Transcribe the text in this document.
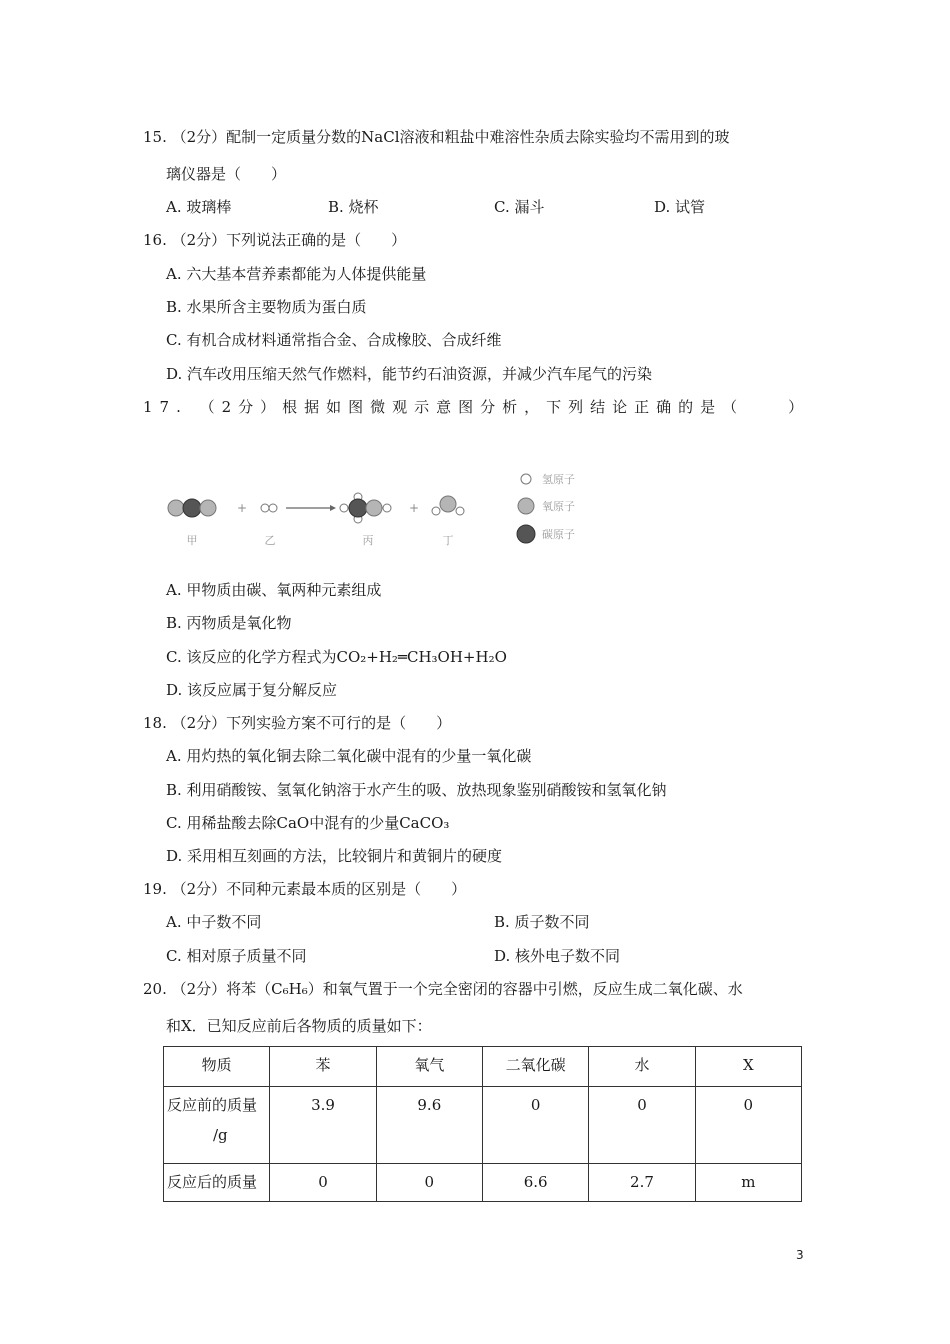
15. （2分）配制一定质量分数的NaCl溶液和粗盐中难溶性杂质去除实验均不需用到的玻
璃仪器是（　　）
A. 玻璃棒	B. 烧杯	C. 漏斗	D. 试管
16. （2分）下列说法正确的是（　　）
A. 六大基本营养素都能为人体提供能量
B. 水果所含主要物质为蛋白质
C. 有机合成材料通常指合金、合成橡胶、合成纤维
D. 汽车改用压缩天然气作燃料，能节约石油资源，并减少汽车尾气的污染
17. （2分）根据如图微观示意图分析，下列结论正确的是（　　）
+	+
甲	乙	丙	丁
氢原子
氧原子
碳原子
A. 甲物质由碳、氧两种元素组成
B. 丙物质是氧化物
C. 该反应的化学方程式为CO₂+H₂═CH₃OH+H₂O
D. 该反应属于复分解反应
18. （2分）下列实验方案不可行的是（　　）
A. 用灼热的氧化铜去除二氧化碳中混有的少量一氧化碳
B. 利用硝酸铵、氢氧化钠溶于水产生的吸、放热现象鉴别硝酸铵和氢氧化钠
C. 用稀盐酸去除CaO中混有的少量CaCO₃
D. 采用相互刻画的方法，比较铜片和黄铜片的硬度
19. （2分）不同种元素最本质的区别是（　　）
A. 中子数不同	B. 质子数不同
C. 相对原子质量不同	D. 核外电子数不同
20. （2分）将苯（C₆H₆）和氧气置于一个完全密闭的容器中引燃，反应生成二氧化碳、水
和X．已知反应前后各物质的质量如下：
物质	苯	氧气	二氧化碳	水	X

反应前的质量
/g	3.9	9.6	0	0	0

反应后的质量	0	0	6.6	2.7	m
3
